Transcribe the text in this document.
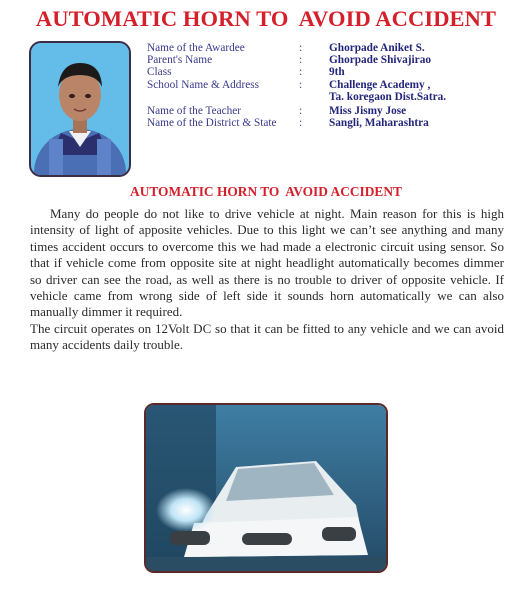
AUTOMATIC HORN TO  AVOID ACCIDENT
Name of the Awardee	: Ghorpade Aniket S.
Parent's Name	: Ghorpade Shivajirao
Class	: 9th
School Name & Address	: Challenge Academy ,
Ta. koregaon Dist.Satra.
Name of the Teacher	: Miss Jismy Jose
Name of the District & State : Sangli, Maharashtra
AUTOMATIC HORN TO  AVOID ACCIDENT

Many do people do not like to drive vehicle at night. Main reason for this is high intensity of light of apposite vehicles. Due to this light we can’t see anything and many times accident occurs to overcome this we had made a electronic circuit using sensor. So that if vehicle come from opposite site at night headlight automatically becomes dimmer so driver can see the road, as well as there is no trouble to driver of opposite vehicle. If vehicle came from wrong side of left side it sounds horn automatically we can also manually dimmer it required.

The circuit operates on 12Volt DC so that it can be fitted to any vehicle and we can avoid many accidents daily trouble.
